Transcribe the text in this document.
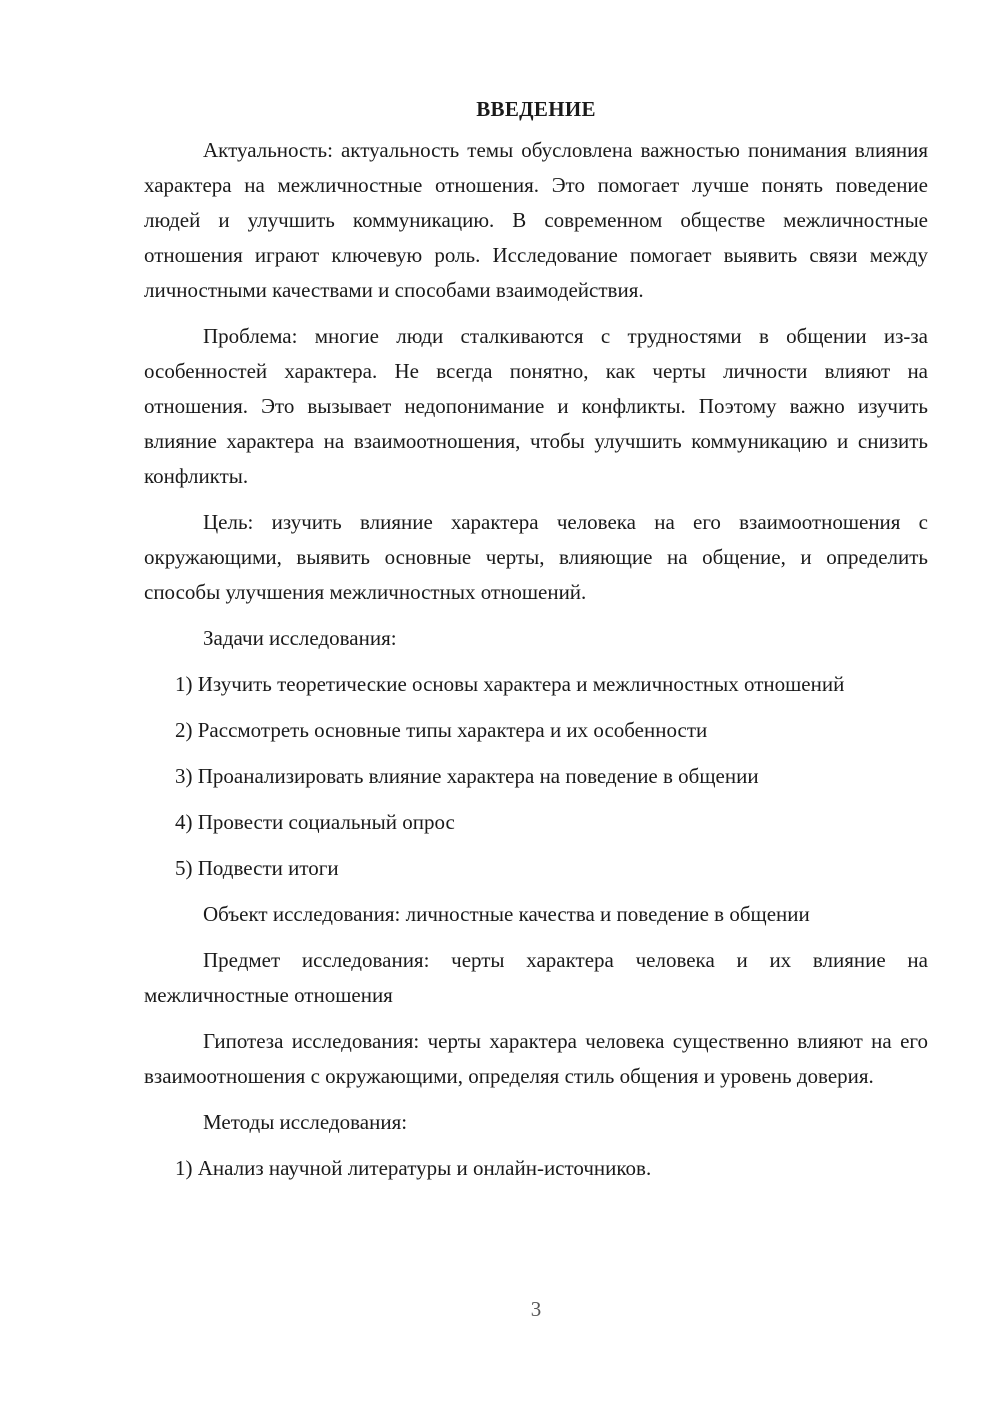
ВВЕДЕНИЕ

Актуальность: актуальность темы обусловлена важностью понимания влияния характера на межличностные отношения. Это помогает лучше понять поведение людей и улучшить коммуникацию. В современном обществе межличностные отношения играют ключевую роль. Исследование помогает выявить связи между личностными качествами и способами взаимодействия.

Проблема: многие люди сталкиваются с трудностями в общении из-за особенностей характера. Не всегда понятно, как черты личности влияют на отношения. Это вызывает недопонимание и конфликты. Поэтому важно изучить влияние характера на взаимоотношения, чтобы улучшить коммуникацию и снизить конфликты.

Цель: изучить влияние характера человека на его взаимоотношения с окружающими, выявить основные черты, влияющие на общение, и определить способы улучшения межличностных отношений.

Задачи исследования:

1) Изучить теоретические основы характера и межличностных отношений

2) Рассмотреть основные типы характера и их особенности

3) Проанализировать влияние характера на поведение в общении

4) Провести социальный опрос

5) Подвести итоги

Объект исследования: личностные качества и поведение в общении

Предмет исследования: черты характера человека и их влияние на межличностные отношения

Гипотеза исследования: черты характера человека существенно влияют на его взаимоотношения с окружающими, определяя стиль общения и уровень доверия.

Методы исследования:

1) Анализ научной литературы и онлайн-источников.

3
